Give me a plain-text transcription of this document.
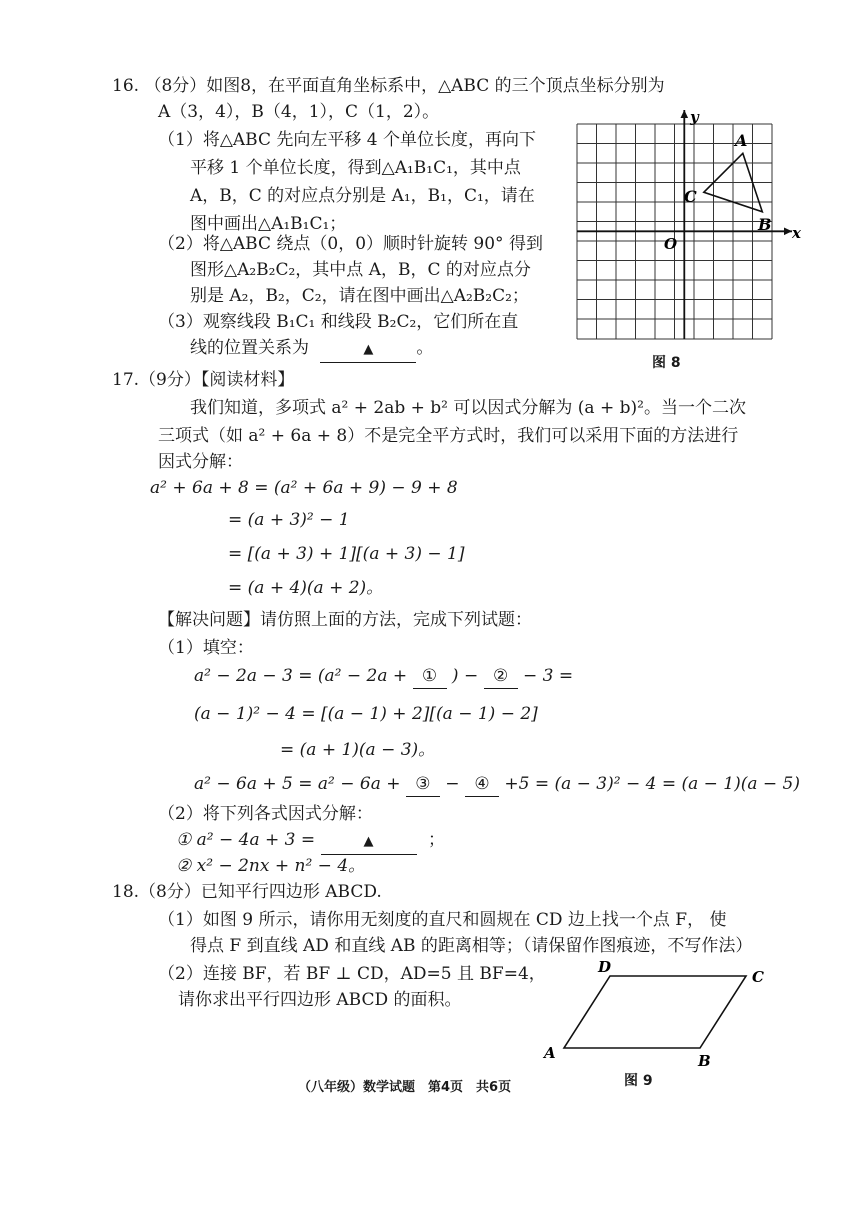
16. （8分）如图8，在平面直角坐标系中，△ABC 的三个顶点坐标分别为
A（3，4），B（4，1），C（1，2）。
（1）将△ABC 先向左平移 4 个单位长度，再向下
平移 1 个单位长度，得到△A₁B₁C₁，其中点
A，B，C 的对应点分别是 A₁，B₁，C₁，请在
图中画出△A₁B₁C₁；
（2）将△ABC 绕点（0，0）顺时针旋转 90° 得到
图形△A₂B₂C₂，其中点 A，B，C 的对应点分
别是 A₂，B₂，C₂，请在图中画出△A₂B₂C₂；
（3）观察线段 B₁C₁ 和线段 B₂C₂，它们所在直
线的位置关系为	▲	。
x
y
O
A
B
C
图 8
17.（9分）【阅读材料】
我们知道，多项式 a² + 2ab + b² 可以因式分解为 (a + b)²。当一个二次
三项式（如 a² + 6a + 8）不是完全平方式时，我们可以采用下面的方法进行
因式分解：
a² + 6a + 8 = (a² + 6a + 9) − 9 + 8
= (a + 3)² − 1
= [(a + 3) + 1][(a + 3) − 1]
= (a + 4)(a + 2)。
【解决问题】请仿照上面的方法，完成下列试题：
（1）填空：
a² − 2a − 3 = (a² − 2a + ① ) − ② − 3 =
(a − 1)² − 4 = [(a − 1) + 2][(a − 1) − 2]
= (a + 1)(a − 3)。
a² − 6a + 5 = a² − 6a + ③ − ④ +5 = (a − 3)² − 4 = (a − 1)(a − 5)
（2）将下列各式因式分解：
① a² − 4a + 3 =	▲	；
② x² − 2nx + n² − 4。
18.（8分）已知平行四边形 ABCD.
（1）如图 9 所示，请你用无刻度的直尺和圆规在 CD 边上找一个点 F， 使
得点 F 到直线 AD 和直线 AB 的距离相等；（请保留作图痕迹，不写作法）
（2）连接 BF，若 BF ⊥ CD，AD=5 且 BF=4，
请你求出平行四边形 ABCD 的面积。
A	B
C
D
图 9
（八年级）数学试题　第4页　共6页
